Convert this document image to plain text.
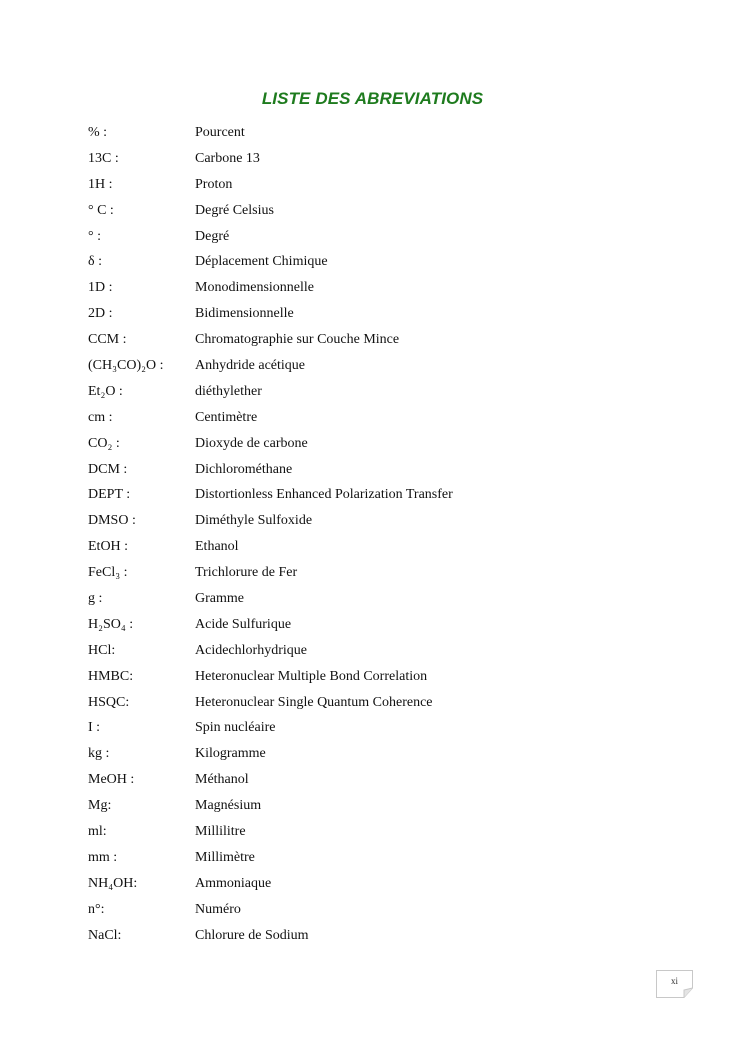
LISTE DES ABREVIATIONS
% :	Pourcent
13C :	Carbone 13
1H :	Proton
° C :	Degré Celsius
° :	Degré
δ :	Déplacement Chimique
1D :	Monodimensionnelle
2D :	Bidimensionnelle
CCM :	Chromatographie sur Couche Mince
(CH₃CO)₂O :	Anhydride acétique
Et₂O :	diéthylether
cm :	Centimètre
CO₂ :	Dioxyde de carbone
DCM :	Dichlorométhane
DEPT :	Distortionless Enhanced Polarization Transfer
DMSO :	Diméthyle Sulfoxide
EtOH :	Ethanol
FeCl₃ :	Trichlorure de Fer
g :	Gramme
H₂SO₄ :	Acide Sulfurique
HCl:	Acidechlorhydrique
HMBC:	Heteronuclear Multiple Bond Correlation
HSQC:	Heteronuclear Single Quantum Coherence
I :	Spin nucléaire
kg :	Kilogramme
MeOH :	Méthanol
Mg:	Magnésium
ml:	Millilitre
mm :	Millimètre
NH₄OH:	Ammoniaque
n°:	Numéro
NaCl:	Chlorure de Sodium
xi
